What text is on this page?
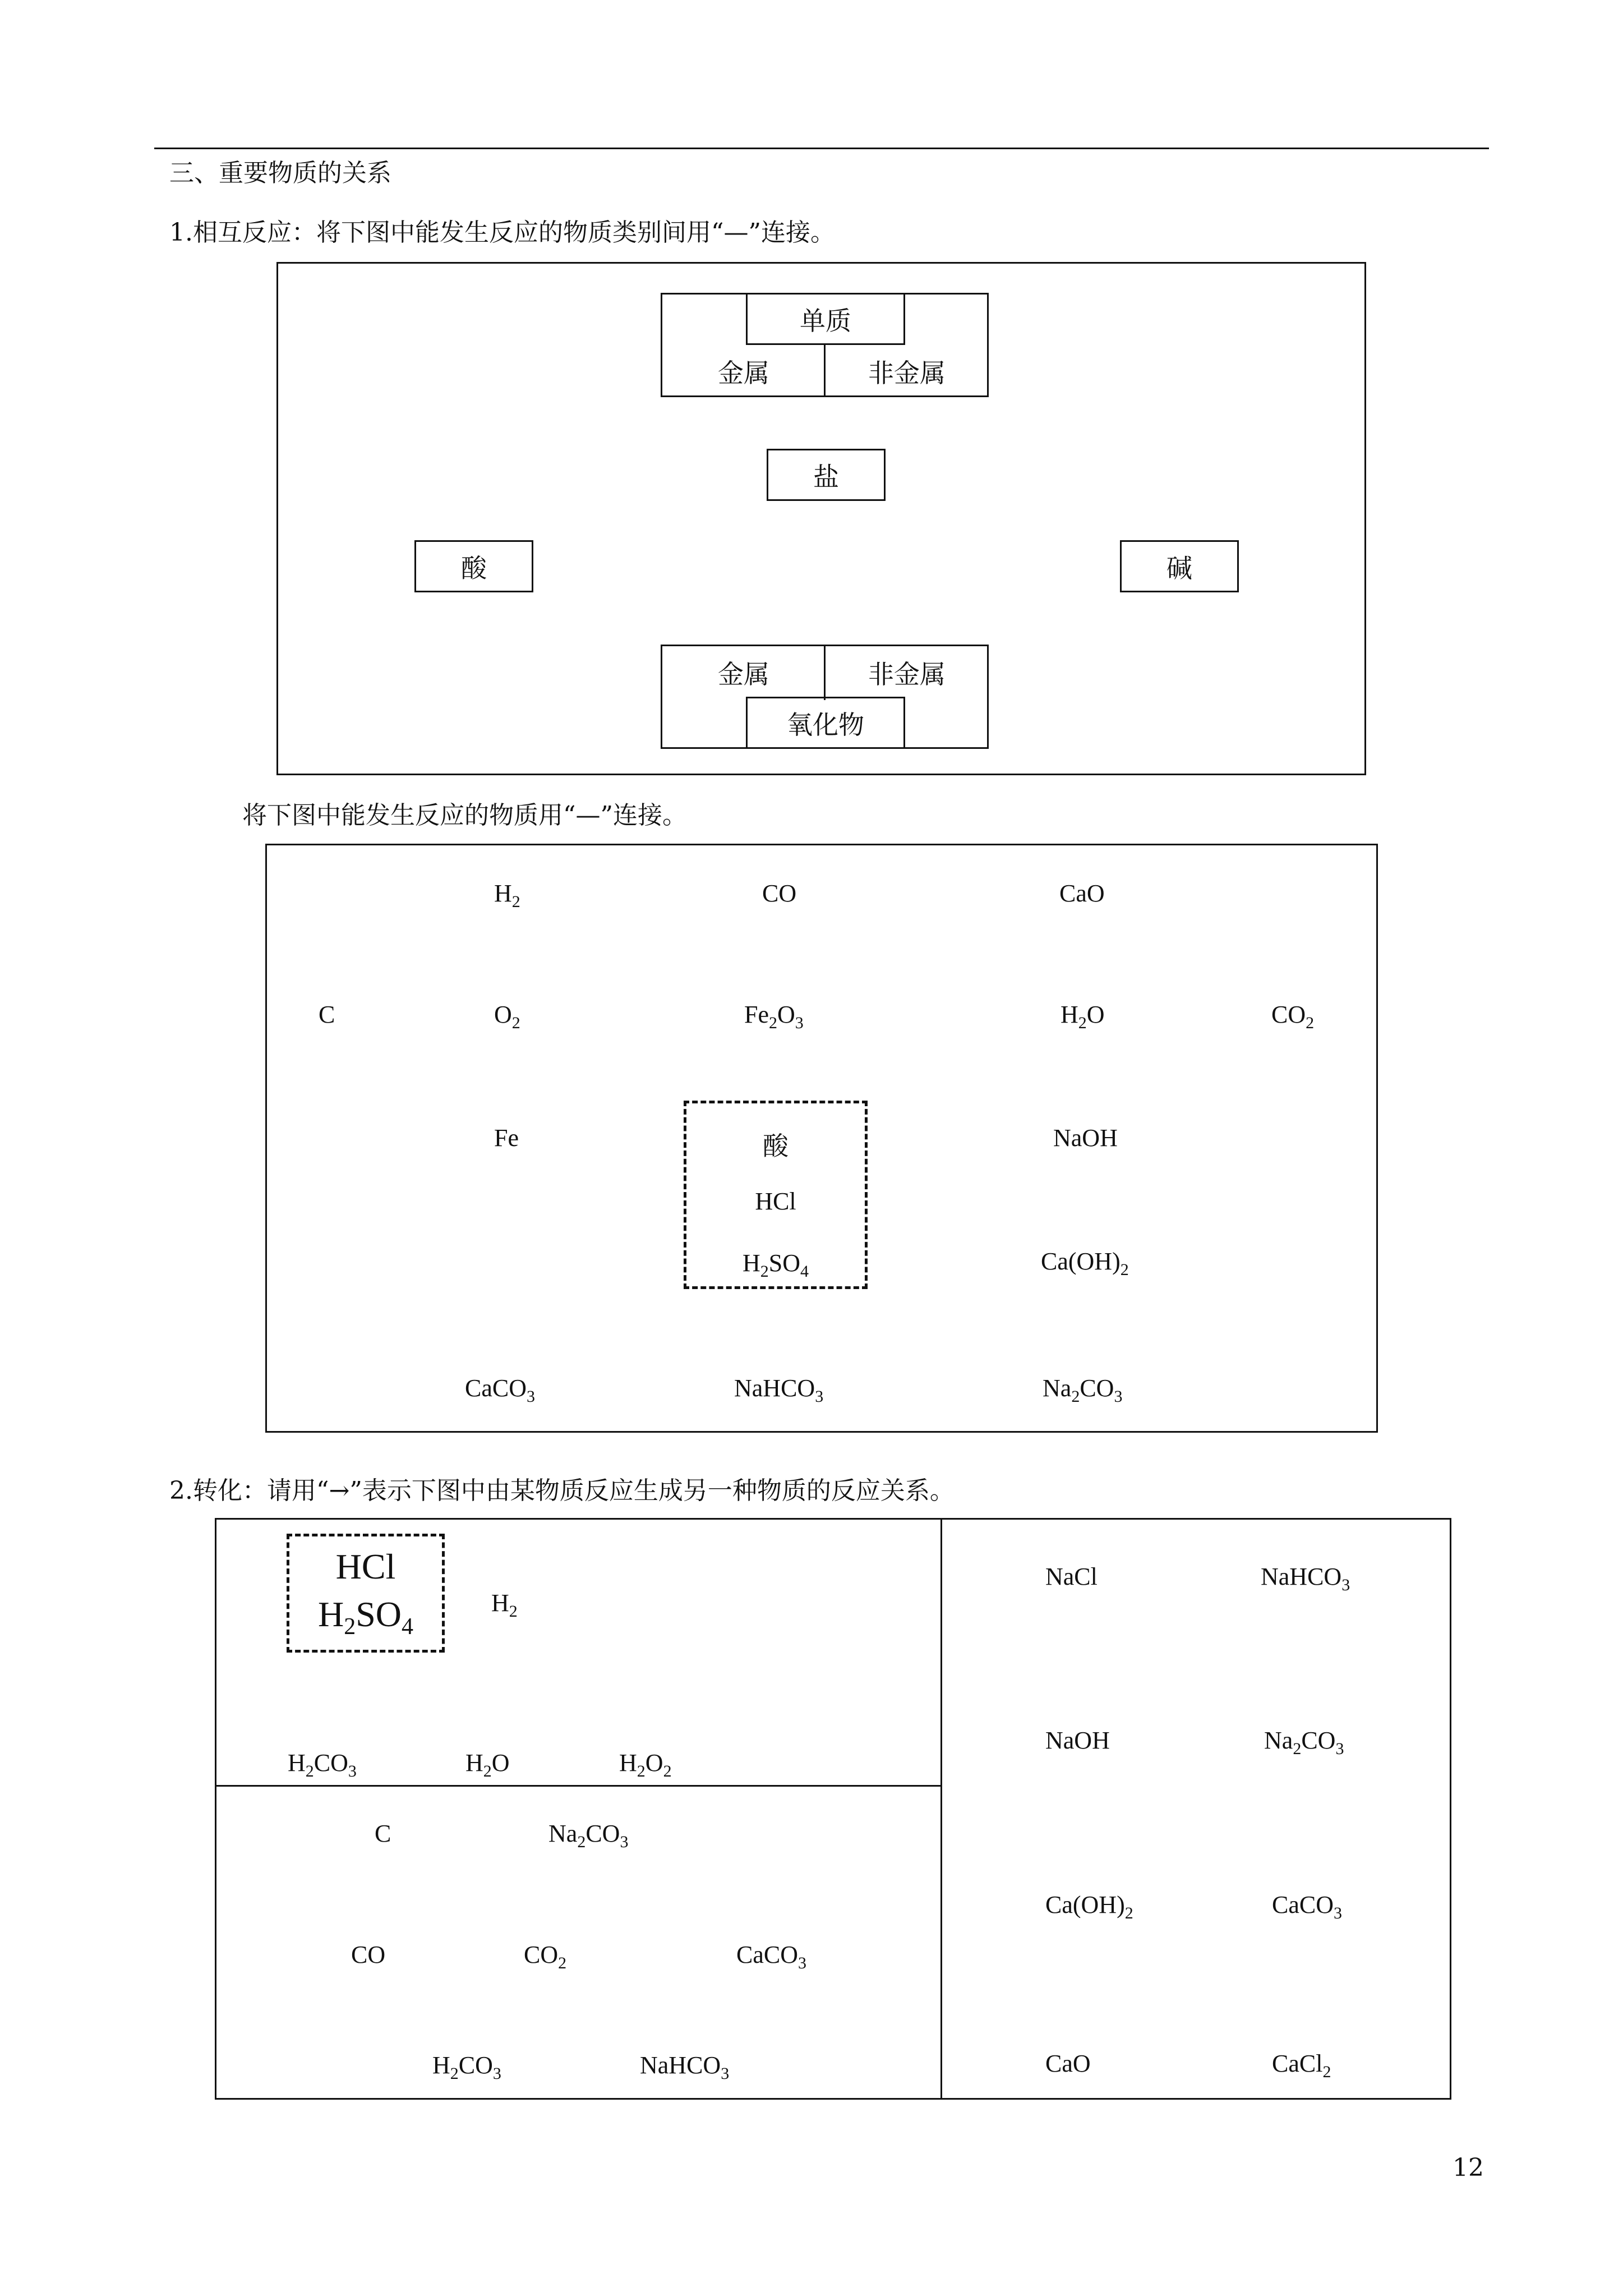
三、重要物质的关系
1.相互反应：将下图中能发生反应的物质类别间用“—”连接。
单质
金属	非金属
盐
酸	碱
金属	非金属
氧化物
将下图中能发生反应的物质用“—”连接。
$H_2$	CO	CaO
C	$O_2$	$Fe_2O_3$	$H_2O$	$CO_2$
Fe	酸
HCl
$H_2SO_4$
NaOH
$Ca(OH)_2$
CaCO$_3$	NaHCO$_3$	$Na_2CO_3$
2.转化：请用“→”表示下图中由某物质反应生成另一种物质的反应关系。
HCl
$H_2SO_4$
$H_2$
$H_2CO_3$	$H_2O$	$H_2O_2$
C	$Na_2CO_3$
CO	$CO_2$	CaCO$_3$
$H_2CO_3$	NaHCO$_3$
NaCl	NaHCO$_3$
NaOH	$Na_2CO_3$
$Ca(OH)_2$	CaCO$_3$
CaO	CaCl$_2$
12
